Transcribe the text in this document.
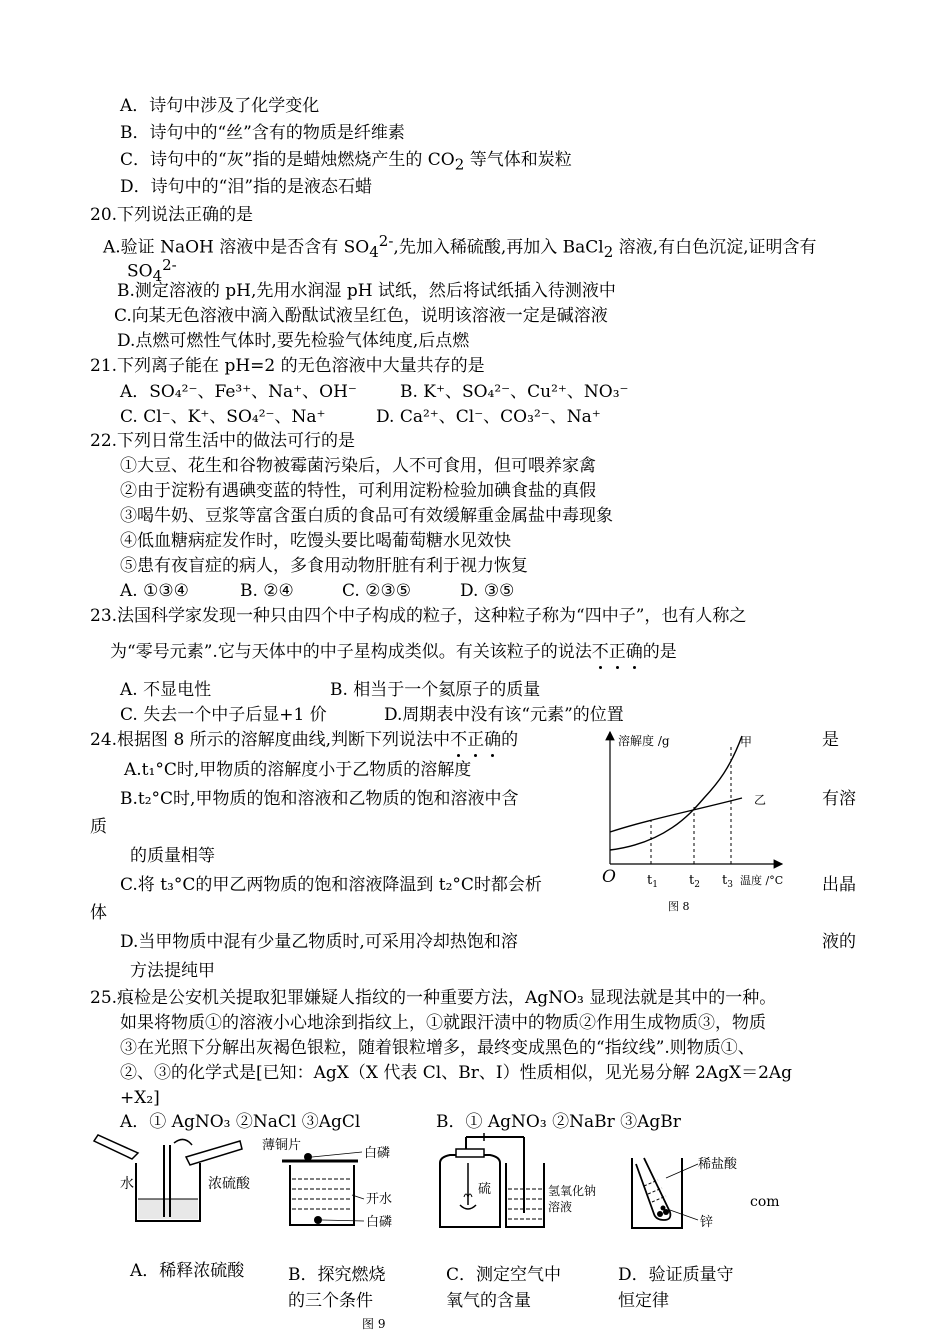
A．诗句中涉及了化学变化
B．诗句中的“丝”含有的物质是纤维素
C．诗句中的“灰”指的是蜡烛燃烧产生的 $CO_2$ 等气体和炭粒
D．诗句中的“泪”指的是液态石蜡
20.下列说法正确的是
A.验证 NaOH 溶液中是否含有 $SO_4^{2-}$,先加入稀硫酸,再加入 BaCl$_2$ 溶液,有白色沉淀,证明含有
$SO_4^{2-}$
B.测定溶液的 pH,先用水润湿 pH 试纸，然后将试纸插入待测液中
C.向某无色溶液中滴入酚酞试液呈红色，说明该溶液一定是碱溶液
D.点燃可燃性气体时,要先检验气体纯度,后点燃
21.下列离子能在 pH=2 的无色溶液中大量共存的是
A．SO₄²⁻、Fe³⁺、Na⁺、OH⁻	B. K⁺、SO₄²⁻、Cu²⁺、NO₃⁻
C. Cl⁻、K⁺、SO₄²⁻、Na⁺	D. Ca²⁺、Cl⁻、CO₃²⁻、Na⁺
22.下列日常生活中的做法可行的是
①大豆、花生和谷物被霉菌污染后，人不可食用，但可喂养家禽
②由于淀粉有遇碘变蓝的特性，可利用淀粉检验加碘食盐的真假
③喝牛奶、豆浆等富含蛋白质的食品可有效缓解重金属盐中毒现象
④低血糖病症发作时，吃馒头要比喝葡萄糖水见效快
⑤患有夜盲症的病人，多食用动物肝脏有利于视力恢复
A. ①③④	B. ②④	C. ②③⑤	D. ③⑤
23.法国科学家发现一种只由四个中子构成的粒子，这种粒子称为“四中子”，也有人称之
为“零号元素”.它与天体中的中子星构成类似。有关该粒子的说法不正确的是
A. 不显电性	B. 相当于一个氦原子的质量
C. 失去一个中子后显+1 价	D.周期表中没有该“元素”的位置
24.根据图 8 所示的溶解度曲线,判断下列说法中不正确的	是
A.t₁°C时,甲物质的溶解度小于乙物质的溶解度
B.t₂°C时,甲物质的饱和溶液和乙物质的饱和溶液中含	有溶
质
的质量相等
C.将 t₃°C的甲乙两物质的饱和溶液降温到 t₂°C时都会析	出晶
体
D.当甲物质中混有少量乙物质时,可采用冷却热饱和溶	液的
方法提纯甲
溶解度 /g
O
甲
乙
$t_1$ $t_2$ $t_3$ 温度 /°C
图 8
25.痕检是公安机关提取犯罪嫌疑人指纹的一种重要方法，AgNO₃ 显现法就是其中的一种。
如果将物质①的溶液小心地涂到指纹上，①就跟汗渍中的物质②作用生成物质③，物质
③在光照下分解出灰褐色银粒，随着银粒增多，最终变成黑色的“指纹线”.则物质①、
②、③的化学式是[已知：AgX（X 代表 Cl、Br、I）性质相似，见光易分解 2AgX＝2Ag
+X₂]
A．① AgNO₃ ②NaCl ③AgCl	B．① AgNO₃ ②NaBr ③AgBr
水	浓硫酸
薄铜片
白磷
开水
白磷
硫	氢氧化钠
溶液
稀盐酸
锌
com
A．稀释浓硫酸	B．探究燃烧的三个条件
C．测定空气中氧气的含量
D．验证质量守恒定律
图 9
